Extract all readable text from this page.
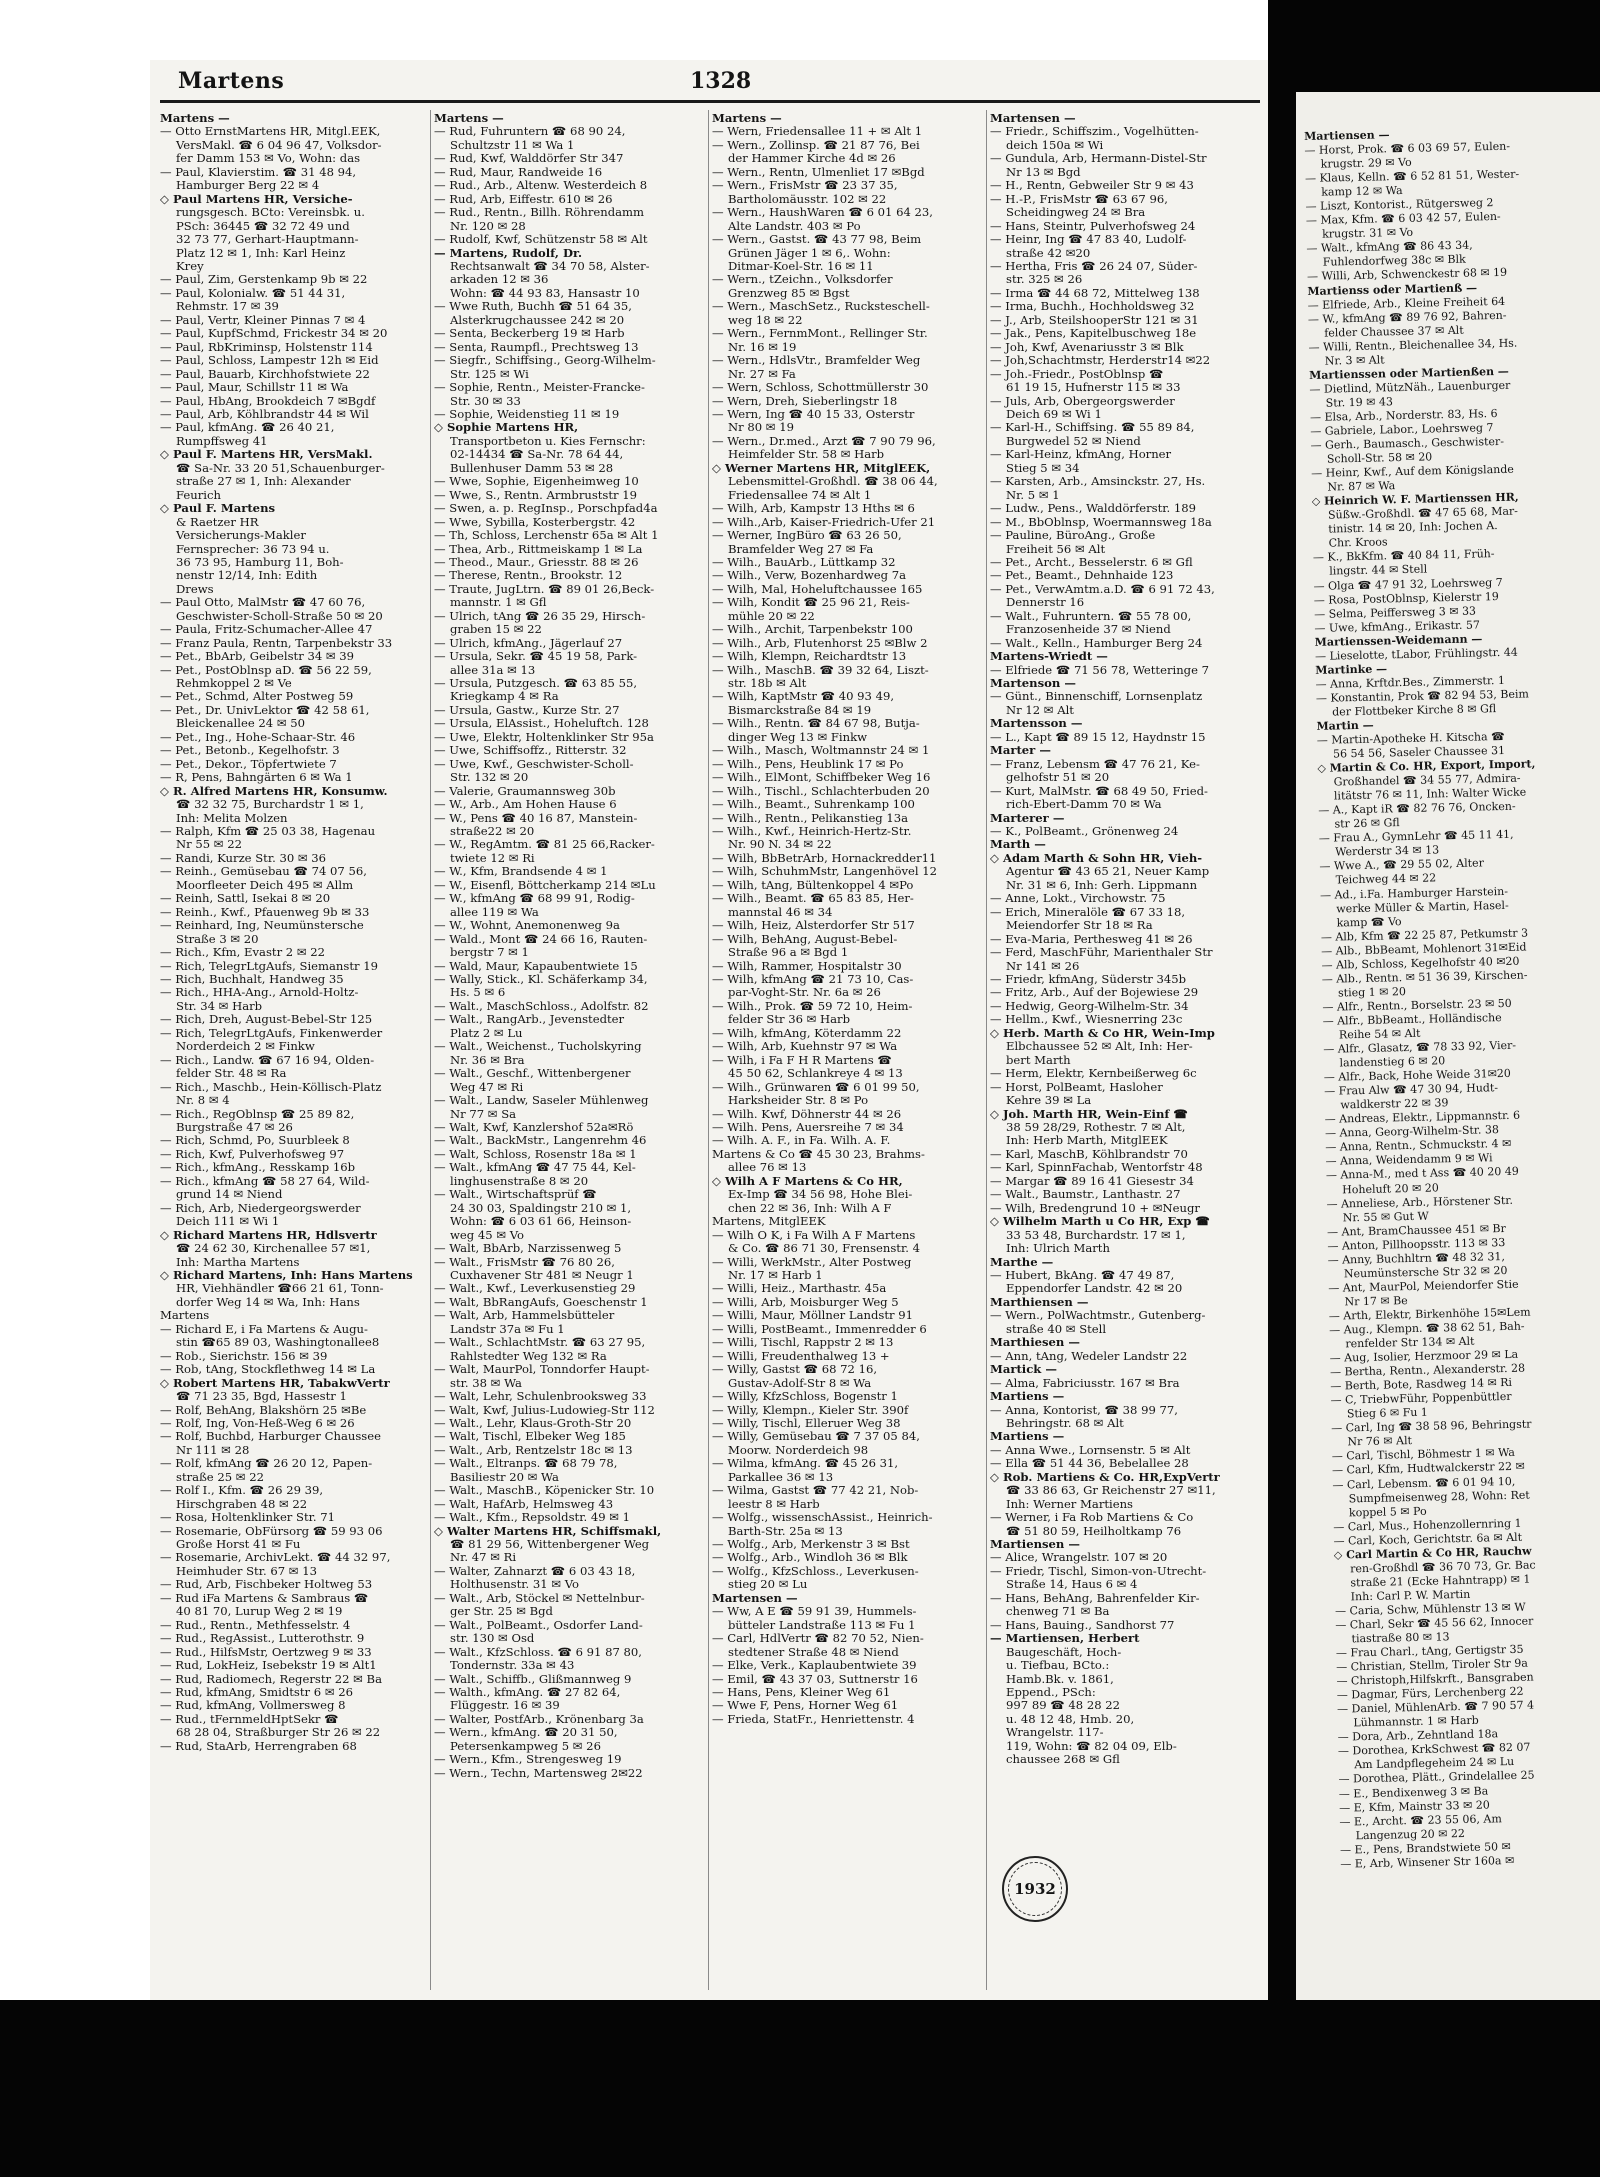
Martens	1328
Martens —
— Otto ErnstMartens HR, Mitgl.EEK,
VersMakl. ☎ 6 04 96 47, Volksdor-
fer Damm 153 ✉ Vo, Wohn: das
— Paul, Klavierstim. ☎ 31 48 94,
Hamburger Berg 22 ✉ 4
◇ Paul Martens HR, Versiche-
rungsgesch. BCto: Vereinsbk. u.
PSch: 36445 ☎ 32 72 49 und
32 73 77, Gerhart-Hauptmann-
Platz 12 ✉ 1, Inh: Karl Heinz
Krey
— Paul, Zim, Gerstenkamp 9b ✉ 22
— Paul, Kolonialw. ☎ 51 44 31,
Rehmstr. 17 ✉ 39
— Paul, Vertr, Kleiner Pinnas 7 ✉ 4
— Paul, KupfSchmd, Frickestr 34 ✉ 20
— Paul, RbKriminsp, Holstenstr 114
— Paul, Schloss, Lampestr 12h ✉ Eid
— Paul, Bauarb, Kirchhofstwiete 22
— Paul, Maur, Schillstr 11 ✉ Wa
— Paul, HbAng, Brookdeich 7 ✉Bgdf
— Paul, Arb, Köhlbrandstr 44 ✉ Wil
— Paul, kfmAng. ☎ 26 40 21,
Rumpffsweg 41
◇ Paul F. Martens HR, VersMakl.
☎ Sa-Nr. 33 20 51,Schauenburger-
straße 27 ✉ 1, Inh: Alexander
Feurich
◇ Paul F. Martens
& Raetzer HR
Versicherungs-Makler
Fernsprecher: 36 73 94 u.
36 73 95, Hamburg 11, Boh-
nenstr 12/14, Inh: Edith
Drews
— Paul Otto, MalMstr ☎ 47 60 76,
Geschwister-Scholl-Straße 50 ✉ 20
— Paula, Fritz-Schumacher-Allee 47
— Franz Paula, Rentn, Tarpenbekstr 33
— Pet., BbArb, Geibelstr 34 ✉ 39
— Pet., PostOblnsp aD. ☎ 56 22 59,
Rehmkoppel 2 ✉ Ve
— Pet., Schmd, Alter Postweg 59
— Pet., Dr. UnivLektor ☎ 42 58 61,
Bleickenallee 24 ✉ 50
— Pet., Ing., Hohe-Schaar-Str. 46
— Pet., Betonb., Kegelhofstr. 3
— Pet., Dekor., Töpfertwiete 7
— R, Pens, Bahngärten 6 ✉ Wa 1
◇ R. Alfred Martens HR, Konsumw.
☎ 32 32 75, Burchardstr 1 ✉ 1,
Inh: Melita Molzen
— Ralph, Kfm ☎ 25 03 38, Hagenau
Nr 55 ✉ 22
— Randi, Kurze Str. 30 ✉ 36
— Reinh., Gemüsebau ☎ 74 07 56,
Moorfleeter Deich 495 ✉ Allm
— Reinh, Sattl, Isekai 8 ✉ 20
— Reinh., Kwf., Pfauenweg 9b ✉ 33
— Reinhard, Ing, Neumünstersche
Straße 3 ✉ 20
— Rich., Kfm, Evastr 2 ✉ 22
— Rich, TelegrLtgAufs, Siemanstr 19
— Rich, Buchhalt, Handweg 35
— Rich., HHA-Ang., Arnold-Holtz-
Str. 34 ✉ Harb
— Rich, Dreh, August-Bebel-Str 125
— Rich, TelegrLtgAufs, Finkenwerder
Norderdeich 2 ✉ Finkw
— Rich., Landw. ☎ 67 16 94, Olden-
felder Str. 48 ✉ Ra
— Rich., Maschb., Hein-Köllisch-Platz
Nr. 8 ✉ 4
— Rich., RegOblnsp ☎ 25 89 82,
Burgstraße 47 ✉ 26
— Rich, Schmd, Po, Suurbleek 8
— Rich, Kwf, Pulverhofsweg 97
— Rich., kfmAng., Resskamp 16b
— Rich., kfmAng ☎ 58 27 64, Wild-
grund 14 ✉ Niend
— Rich, Arb, Niedergeorgswerder
Deich 111 ✉ Wi 1
◇ Richard Martens HR, Hdlsvertr
☎ 24 62 30, Kirchenallee 57 ✉1,
Inh: Martha Martens
◇ Richard Martens, Inh: Hans Martens
HR, Viehhändler ☎66 21 61, Tonn-
dorfer Weg 14 ✉ Wa, Inh: Hans
Martens
— Richard E, i Fa Martens & Augu-
stin ☎65 89 03, Washingtonallee8
— Rob., Sierichstr. 156 ✉ 39
— Rob, tAng, Stockflethweg 14 ✉ La
◇ Robert Martens HR, TabakwVertr
☎ 71 23 35, Bgd, Hassestr 1
— Rolf, BehAng, Blakshörn 25 ✉Be
— Rolf, Ing, Von-Heß-Weg 6 ✉ 26
— Rolf, Buchbd, Harburger Chaussee
Nr 111 ✉ 28
— Rolf, kfmAng ☎ 26 20 12, Papen-
straße 25 ✉ 22
— Rolf I., Kfm. ☎ 26 29 39,
Hirschgraben 48 ✉ 22
— Rosa, Holtenklinker Str. 71
— Rosemarie, ObFürsorg ☎ 59 93 06
Große Horst 41 ✉ Fu
— Rosemarie, ArchivLekt. ☎ 44 32 97,
Heimhuder Str. 67 ✉ 13
— Rud, Arb, Fischbeker Holtweg 53
— Rud iFa Martens & Sambraus ☎
40 81 70, Lurup Weg 2 ✉ 19
— Rud., Rentn., Methfesselstr. 4
— Rud., RegAssist., Lutterothstr. 9
— Rud., HilfsMstr, Oertzweg 9 ✉ 33
— Rud, LokHeiz, Isebekstr 19 ✉ Alt1
— Rud, Radiomech, Regerstr 22 ✉ Ba
— Rud, kfmAng, Smidtstr 6 ✉ 26
— Rud, kfmAng, Vollmersweg 8
— Rud., tFernmeldHptSekr ☎
68 28 04, Straßburger Str 26 ✉ 22
— Rud, StaArb, Herrengraben 68
Martens —
— Rud, Fuhruntern ☎ 68 90 24,
Schultzstr 11 ✉ Wa 1
— Rud, Kwf, Walddörfer Str 347
— Rud, Maur, Randweide 16
— Rud., Arb., Altenw. Westerdeich 8
— Rud, Arb, Eiffestr. 610 ✉ 26
— Rud., Rentn., Billh. Röhrendamm
Nr. 120 ✉ 28
— Rudolf, Kwf, Schützenstr 58 ✉ Alt
— Martens, Rudolf, Dr.
Rechtsanwalt ☎ 34 70 58, Alster-
arkaden 12 ✉ 36
Wohn: ☎ 44 93 83, Hansastr 10
— Wwe Ruth, Buchh ☎ 51 64 35,
Alsterkrugchaussee 242 ✉ 20
— Senta, Beckerberg 19 ✉ Harb
— Senta, Raumpfl., Prechtsweg 13
— Siegfr., Schiffsing., Georg-Wilhelm-
Str. 125 ✉ Wi
— Sophie, Rentn., Meister-Francke-
Str. 30 ✉ 33
— Sophie, Weidenstieg 11 ✉ 19
◇ Sophie Martens HR,
Transportbeton u. Kies Fernschr:
02-14434 ☎ Sa-Nr. 78 64 44,
Bullenhuser Damm 53 ✉ 28
— Wwe, Sophie, Eigenheimweg 10
— Wwe, S., Rentn. Armbruststr 19
— Swen, a. p. RegInsp., Porschpfad4a
— Wwe, Sybilla, Kosterbergstr. 42
— Th, Schloss, Lerchenstr 65a ✉ Alt 1
— Thea, Arb., Rittmeiskamp 1 ✉ La
— Theod., Maur., Griesstr. 88 ✉ 26
— Therese, Rentn., Brookstr. 12
— Traute, JugLtrn. ☎ 89 01 26,Beck-
mannstr. 1 ✉ Gfl
— Ulrich, tAng ☎ 26 35 29, Hirsch-
graben 15 ✉ 22
— Ulrich, kfmAng., Jägerlauf 27
— Ursula, Sekr. ☎ 45 19 58, Park-
allee 31a ✉ 13
— Ursula, Putzgesch. ☎ 63 85 55,
Kriegkamp 4 ✉ Ra
— Ursula, Gastw., Kurze Str. 27
— Ursula, ElAssist., Hoheluftch. 128
— Uwe, Elektr, Holtenklinker Str 95a
— Uwe, Schiffsoffz., Ritterstr. 32
— Uwe, Kwf., Geschwister-Scholl-
Str. 132 ✉ 20
— Valerie, Graumannsweg 30b
— W., Arb., Am Hohen Hause 6
— W., Pens ☎ 40 16 87, Manstein-
straße22 ✉ 20
— W., RegAmtm. ☎ 81 25 66,Racker-
twiete 12 ✉ Ri
— W., Kfm, Brandsende 4 ✉ 1
— W., Eisenfl, Böttcherkamp 214 ✉Lu
— W., kfmAng ☎ 68 99 91, Rodig-
allee 119 ✉ Wa
— W., Wohnt, Anemonenweg 9a
— Wald., Mont ☎ 24 66 16, Rauten-
bergstr 7 ✉ 1
— Wald, Maur, Kapaubentwiete 15
— Wally, Stick., Kl. Schäferkamp 34,
Hs. 5 ✉ 6
— Walt., MaschSchloss., Adolfstr. 82
— Walt., RangArb., Jevenstedter
Platz 2 ✉ Lu
— Walt., Weichenst., Tucholskyring
Nr. 36 ✉ Bra
— Walt., Geschf., Wittenbergener
Weg 47 ✉ Ri
— Walt., Landw, Saseler Mühlenweg
Nr 77 ✉ Sa
— Walt, Kwf, Kanzlershof 52a✉Rö
— Walt., BackMstr., Langenrehm 46
— Walt, Schloss, Rosenstr 18a ✉ 1
— Walt., kfmAng ☎ 47 75 44, Kel-
linghusenstraße 8 ✉ 20
— Walt., Wirtschaftsprüf ☎
24 30 03, Spaldingstr 210 ✉ 1,
Wohn: ☎ 6 03 61 66, Heinson-
weg 45 ✉ Vo
— Walt, BbArb, Narzissenweg 5
— Walt., FrisMstr ☎ 76 80 26,
Cuxhavener Str 481 ✉ Neugr 1
— Walt., Kwf., Leverkusenstieg 29
— Walt, BbRangAufs, Goeschenstr 1
— Walt, Arb, Hammelsbütteler
Landstr 37a ✉ Fu 1
— Walt., SchlachtMstr. ☎ 63 27 95,
Rahlstedter Weg 132 ✉ Ra
— Walt, MaurPol, Tonndorfer Haupt-
str. 38 ✉ Wa
— Walt, Lehr, Schulenbrooksweg 33
— Walt, Kwf, Julius-Ludowieg-Str 112
— Walt., Lehr, Klaus-Groth-Str 20
— Walt, Tischl, Elbeker Weg 185
— Walt., Arb, Rentzelstr 18c ✉ 13
— Walt., Eltranps. ☎ 68 79 78,
Basiliestr 20 ✉ Wa
— Walt., MaschB., Köpenicker Str. 10
— Walt, HafArb, Helmsweg 43
— Walt., Kfm., Repsoldstr. 49 ✉ 1
◇ Walter Martens HR, Schiffsmakl,
☎ 81 29 56, Wittenbergener Weg
Nr. 47 ✉ Ri
— Walter, Zahnarzt ☎ 6 03 43 18,
Holthusenstr. 31 ✉ Vo
— Walt., Arb, Stöckel ✉ Nettelnbur-
ger Str. 25 ✉ Bgd
— Walt., PolBeamt., Osdorfer Land-
str. 130 ✉ Osd
— Walt., KfzSchloss. ☎ 6 91 87 80,
Tondernstr. 33a ✉ 43
— Walt., Schiffb., Glißmannweg 9
— Walth., kfmAng. ☎ 27 82 64,
Flüggestr. 16 ✉ 39
— Walter, PostfArb., Krönenbarg 3a
— Wern., kfmAng. ☎ 20 31 50,
Petersenkampweg 5 ✉ 26
— Wern., Kfm., Strengesweg 19
— Wern., Techn, Martensweg 2✉22
Martens —
— Wern, Friedensallee 11 + ✉ Alt 1
— Wern., Zollinsp. ☎ 21 87 76, Bei
der Hammer Kirche 4d ✉ 26
— Wern., Rentn, Ulmenliet 17 ✉Bgd
— Wern., FrisMstr ☎ 23 37 35,
Bartholomäusstr. 102 ✉ 22
— Wern., HaushWaren ☎ 6 01 64 23,
Alte Landstr. 403 ✉ Po
— Wern., Gastst. ☎ 43 77 98, Beim
Grünen Jäger 1 ✉ 6,. Wohn:
Ditmar-Koel-Str. 16 ✉ 11
— Wern., tZeichn., Volksdorfer
Grenzweg 85 ✉ Bgst
— Wern., MaschSetz., Rucksteschell-
weg 18 ✉ 22
— Wern., FernmMont., Rellinger Str.
Nr. 16 ✉ 19
— Wern., HdlsVtr., Bramfelder Weg
Nr. 27 ✉ Fa
— Wern, Schloss, Schottmüllerstr 30
— Wern, Dreh, Sieberlingstr 18
— Wern, Ing ☎ 40 15 33, Osterstr
Nr 80 ✉ 19
— Wern., Dr.med., Arzt ☎ 7 90 79 96,
Heimfelder Str. 58 ✉ Harb
◇ Werner Martens HR, MitglEEK,
Lebensmittel-Großhdl. ☎ 38 06 44,
Friedensallee 74 ✉ Alt 1
— Wilh, Arb, Kampstr 13 Hths ✉ 6
— Wilh.,Arb, Kaiser-Friedrich-Ufer 21
— Werner, IngBüro ☎ 63 26 50,
Bramfelder Weg 27 ✉ Fa
— Wilh., BauArb., Lüttkamp 32
— Wilh., Verw, Bozenhardweg 7a
— Wilh, Mal, Hoheluftchaussee 165
— Wilh, Kondit ☎ 25 96 21, Reis-
mühle 20 ✉ 22
— Wilh., Archit, Tarpenbekstr 100
— Wilh., Arb, Flutenhorst 25 ✉Blw 2
— Wilh, Klempn, Reichardtstr 13
— Wilh., MaschB. ☎ 39 32 64, Liszt-
str. 18b ✉ Alt
— Wilh, KaptMstr ☎ 40 93 49,
Bismarckstraße 84 ✉ 19
— Wilh., Rentn. ☎ 84 67 98, Butja-
dinger Weg 13 ✉ Finkw
— Wilh., Masch, Woltmannstr 24 ✉ 1
— Wilh., Pens, Heublink 17 ✉ Po
— Wilh., ElMont, Schiffbeker Weg 16
— Wilh., Tischl., Schlachterbuden 20
— Wilh., Beamt., Suhrenkamp 100
— Wilh., Rentn., Pelikanstieg 13a
— Wilh., Kwf., Heinrich-Hertz-Str.
Nr. 90 N. 34 ✉ 22
— Wilh, BbBetrArb, Hornackredder11
— Wilh, SchuhmMstr, Langenhövel 12
— Wilh, tAng, Bültenkoppel 4 ✉Po
— Wilh., Beamt. ☎ 65 83 85, Her-
mannstal 46 ✉ 34
— Wilh, Heiz, Alsterdorfer Str 517
— Wilh, BehAng, August-Bebel-
Straße 96 a ✉ Bgd 1
— Wilh, Rammer, Hospitalstr 30
— Wilh, kfmAng ☎ 21 73 10, Cas-
par-Voght-Str. Nr. 6a ✉ 26
— Wilh., Prok. ☎ 59 72 10, Heim-
felder Str 36 ✉ Harb
— Wilh, kfmAng, Köterdamm 22
— Wilh, Arb, Kuehnstr 97 ✉ Wa
— Wilh, i Fa F H R Martens ☎
45 50 62, Schlankreye 4 ✉ 13
— Wilh., Grünwaren ☎ 6 01 99 50,
Harksheider Str. 8 ✉ Po
— Wilh. Kwf, Döhnerstr 44 ✉ 26
— Wilh. Pens, Auersreihe 7 ✉ 34
— Wilh. A. F., in Fa. Wilh. A. F.
Martens & Co ☎ 45 30 23, Brahms-
allee 76 ✉ 13
◇ Wilh A F Martens & Co HR,
Ex-Imp ☎ 34 56 98, Hohe Blei-
chen 22 ✉ 36, Inh: Wilh A F
Martens, MitglEEK
— Wilh O K, i Fa Wilh A F Martens
& Co. ☎ 86 71 30, Frensenstr. 4
— Willi, WerkMstr., Alter Postweg
Nr. 17 ✉ Harb 1
— Willi, Heiz., Marthastr. 45a
— Willi, Arb, Moisburger Weg 5
— Willi, Maur, Möllner Landstr 91
— Willi, PostBeamt., Immenredder 6
— Willi, Tischl, Rappstr 2 ✉ 13
— Willi, Freudenthalweg 13 +
— Willy, Gastst ☎ 68 72 16,
Gustav-Adolf-Str 8 ✉ Wa
— Willy, KfzSchloss, Bogenstr 1
— Willy, Klempn., Kieler Str. 390f
— Willy, Tischl, Elleruer Weg 38
— Willy, Gemüsebau ☎ 7 37 05 84,
Moorw. Norderdeich 98
— Wilma, kfmAng. ☎ 45 26 31,
Parkallee 36 ✉ 13
— Wilma, Gastst ☎ 77 42 21, Nob-
leestr 8 ✉ Harb
— Wolfg., wissenschAssist., Heinrich-
Barth-Str. 25a ✉ 13
— Wolfg., Arb, Merkenstr 3 ✉ Bst
— Wolfg., Arb., Windloh 36 ✉ Blk
— Wolfg., KfzSchloss., Leverkusen-
stieg 20 ✉ Lu
Martensen —
— Ww, A E ☎ 59 91 39, Hummels-
bütteler Landstraße 113 ✉ Fu 1
— Carl, HdlVertr ☎ 82 70 52, Nien-
stedtener Straße 48 ✉ Niend
— Elke, Verk., Kaplaubentwiete 39
— Emil, ☎ 43 37 03, Suttnerstr 16
— Hans, Pens, Kleiner Weg 61
— Wwe F, Pens, Horner Weg 61
— Frieda, StatFr., Henriettenstr. 4
Martensen —
— Friedr., Schiffszim., Vogelhütten-
deich 150a ✉ Wi
— Gundula, Arb, Hermann-Distel-Str
Nr 13 ✉ Bgd
— H., Rentn, Gebweiler Str 9 ✉ 43
— H.-P., FrisMstr ☎ 63 67 96,
Scheidingweg 24 ✉ Bra
— Hans, Steintr, Pulverhofsweg 24
— Heinr, Ing ☎ 47 83 40, Ludolf-
straße 42 ✉20
— Hertha, Fris ☎ 26 24 07, Süder-
str. 325 ✉ 26
— Irma ☎ 44 68 72, Mittelweg 138
— Irma, Buchh., Hochholdsweg 32
— J., Arb, SteilshooperStr 121 ✉ 31
— Jak., Pens, Kapitelbuschweg 18e
— Joh, Kwf, Avenariusstr 3 ✉ Blk
— Joh,Schachtmstr, Herderstr14 ✉22
— Joh.-Friedr., PostOblnsp ☎
61 19 15, Hufnerstr 115 ✉ 33
— Juls, Arb, Obergeorgswerder
Deich 69 ✉ Wi 1
— Karl-H., Schiffsing. ☎ 55 89 84,
Burgwedel 52 ✉ Niend
— Karl-Heinz, kfmAng, Horner
Stieg 5 ✉ 34
— Karsten, Arb., Amsinckstr. 27, Hs.
Nr. 5 ✉ 1
— Ludw., Pens., Walddörferstr. 189
— M., BbOblnsp, Woermannsweg 18a
— Pauline, BüroAng., Große
Freiheit 56 ✉ Alt
— Pet., Archt., Besselerstr. 6 ✉ Gfl
— Pet., Beamt., Dehnhaide 123
— Pet., VerwAmtm.a.D. ☎ 6 91 72 43,
Dennerstr 16
— Walt., Fuhruntern. ☎ 55 78 00,
Franzosenheide 37 ✉ Niend
— Walt., Kelln., Hamburger Berg 24
Martens-Wriedt —
— Elfriede ☎ 71 56 78, Wetteringe 7
Martenson —
— Günt., Binnenschiff, Lornsenplatz
Nr 12 ✉ Alt
Martensson —
— L., Kapt ☎ 89 15 12, Haydnstr 15
Marter —
— Franz, Lebensm ☎ 47 76 21, Ke-
gelhofstr 51 ✉ 20
— Kurt, MalMstr. ☎ 68 49 50, Fried-
rich-Ebert-Damm 70 ✉ Wa
Marterer —
— K., PolBeamt., Grönenweg 24
Marth —
◇ Adam Marth & Sohn HR, Vieh-
Agentur ☎ 43 65 21, Neuer Kamp
Nr. 31 ✉ 6, Inh: Gerh. Lippmann
— Anne, Lokt., Virchowstr. 75
— Erich, Mineralöle ☎ 67 33 18,
Meiendorfer Str 18 ✉ Ra
— Eva-Maria, Perthesweg 41 ✉ 26
— Ferd, MaschFühr, Marienthaler Str
Nr 141 ✉ 26
— Friedr, kfmAng, Süderstr 345b
— Fritz, Arb., Auf der Bojewiese 29
— Hedwig, Georg-Wilhelm-Str. 34
— Hellm., Kwf., Wiesnerring 23c
◇ Herb. Marth & Co HR, Wein-Imp
Elbchaussee 52 ✉ Alt, Inh: Her-
bert Marth
— Herm, Elektr, Kernbeißerweg 6c
— Horst, PolBeamt, Hasloher
Kehre 39 ✉ La
◇ Joh. Marth HR, Wein-Einf ☎
38 59 28/29, Rothestr. 7 ✉ Alt,
Inh: Herb Marth, MitglEEK
— Karl, MaschB, Köhlbrandstr 70
— Karl, SpinnFachab, Wentorfstr 48
— Margar ☎ 89 16 41 Giesestr 34
— Walt., Baumstr., Lanthastr. 27
— Wilh, Bredengrund 10 + ✉Neugr
◇ Wilhelm Marth u Co HR, Exp ☎
33 53 48, Burchardstr. 17 ✉ 1,
Inh: Ulrich Marth
Marthe —
— Hubert, BkAng. ☎ 47 49 87,
Eppendorfer Landstr. 42 ✉ 20
Marthiensen —
— Wern., PolWachtmstr., Gutenberg-
straße 40 ✉ Stell
Marthiesen —
— Ann, tAng, Wedeler Landstr 22
Martick —
— Alma, Fabriciusstr. 167 ✉ Bra
Martiens —
— Anna, Kontorist, ☎ 38 99 77,
Behringstr. 68 ✉ Alt
Martiens —
— Anna Wwe., Lornsenstr. 5 ✉ Alt
— Ella ☎ 51 44 36, Bebelallee 28
◇ Rob. Martiens & Co. HR,ExpVertr
☎ 33 86 63, Gr Reichenstr 27 ✉11,
Inh: Werner Martiens
— Werner, i Fa Rob Martiens & Co
☎ 51 80 59, Heilholtkamp 76
Martiensen —
— Alice, Wrangelstr. 107 ✉ 20
— Friedr, Tischl, Simon-von-Utrecht-
Straße 14, Haus 6 ✉ 4
— Hans, BehAng, Bahrenfelder Kir-
chenweg 71 ✉ Ba
— Hans, Bauing., Sandhorst 77
— Martiensen, Herbert
Baugeschäft, Hoch-
u. Tiefbau, BCto.:
Hamb.Bk. v. 1861,
Eppend., PSch:
997 89 ☎ 48 28 22
u. 48 12 48, Hmb. 20,
Wrangelstr. 117-
119, Wohn: ☎ 82 04 09, Elb-
chaussee 268 ✉ Gfl
1932
Martiensen —
— Horst, Prok. ☎ 6 03 69 57, Eulen-
krugstr. 29 ✉ Vo
— Klaus, Kelln. ☎ 6 52 81 51, Wester-
kamp 12 ✉ Wa
— Liszt, Kontorist., Rütgersweg 2
— Max, Kfm. ☎ 6 03 42 57, Eulen-
krugstr. 31 ✉ Vo
— Walt., kfmAng ☎ 86 43 34,
Fuhlendorfweg 38c ✉ Blk
— Willi, Arb, Schwenckestr 68 ✉ 19
Martienss oder Martienß —
— Elfriede, Arb., Kleine Freiheit 64
— W., kfmAng ☎ 89 76 92, Bahren-
felder Chaussee 37 ✉ Alt
— Willi, Rentn., Bleichenallee 34, Hs.
Nr. 3 ✉ Alt
Martienssen oder Martienßen —
— Dietlind, MützNäh., Lauenburger
Str. 19 ✉ 43
— Elsa, Arb., Norderstr. 83, Hs. 6
— Gabriele, Labor., Loehrsweg 7
— Gerh., Baumasch., Geschwister-
Scholl-Str. 58 ✉ 20
— Heinr, Kwf., Auf dem Königslande
Nr. 87 ✉ Wa
◇ Heinrich W. F. Martienssen HR,
Süßw.-Großhdl. ☎ 47 65 68, Mar-
tinistr. 14 ✉ 20, Inh: Jochen A.
Chr. Kroos
— K., BkKfm. ☎ 40 84 11, Früh-
lingstr. 44 ✉ Stell
— Olga ☎ 47 91 32, Loehrsweg 7
— Rosa, PostOblnsp, Kielerstr 19
— Selma, Peiffersweg 3 ✉ 33
— Uwe, kfmAng., Erikastr. 57
Martienssen-Weidemann —
— Lieselotte, tLabor, Frühlingstr. 44
Martinke —
— Anna, Krftdr.Bes., Zimmerstr. 1
— Konstantin, Prok ☎ 82 94 53, Beim
der Flottbeker Kirche 8 ✉ Gfl
Martin —
— Martin-Apotheke H. Kitscha ☎
56 54 56, Saseler Chaussee 31
◇ Martin & Co. HR, Export, Import,
Großhandel ☎ 34 55 77, Admira-
litätstr 76 ✉ 11, Inh: Walter Wicke
— A., Kapt iR ☎ 82 76 76, Oncken-
str 26 ✉ Gfl
— Frau A., GymnLehr ☎ 45 11 41,
Werderstr 34 ✉ 13
— Wwe A., ☎ 29 55 02, Alter
Teichweg 44 ✉ 22
— Ad., i.Fa. Hamburger Harstein-
werke Müller & Martin, Hasel-
kamp ☎ Vo
— Alb, Kfm ☎ 22 25 87, Petkumstr 3
— Alb., BbBeamt, Mohlenort 31✉Eid
— Alb, Schloss, Kegelhofstr 40 ✉20
— Alb., Rentn. ✉ 51 36 39, Kirschen-
stieg 1 ✉ 20
— Alfr., Rentn., Borselstr. 23 ✉ 50
— Alfr., BbBeamt., Holländische
Reihe 54 ✉ Alt
— Alfr., Glasatz, ☎ 78 33 92, Vier-
landenstieg 6 ✉ 20
— Alfr., Back, Hohe Weide 31✉20
— Frau Alw ☎ 47 30 94, Hudt-
waldkerstr 22 ✉ 39
— Andreas, Elektr., Lippmannstr. 6
— Anna, Georg-Wilhelm-Str. 38
— Anna, Rentn., Schmuckstr. 4 ✉
— Anna, Weidendamm 9 ✉ Wi
— Anna-M., med t Ass ☎ 40 20 49
Hoheluft 20 ✉ 20
— Anneliese, Arb., Hörstener Str.
Nr. 55 ✉ Gut W
— Ant, BramChaussee 451 ✉ Br
— Anton, Pillhoopsstr. 113 ✉ 33
— Anny, Buchhltrn ☎ 48 32 31,
Neumünstersche Str 32 ✉ 20
— Ant, MaurPol, Meiendorfer Stie
Nr 17 ✉ Be
— Arth, Elektr, Birkenhöhe 15✉Lem
— Aug., Klempn. ☎ 38 62 51, Bah-
renfelder Str 134 ✉ Alt
— Aug, Isolier, Herzmoor 29 ✉ La
— Bertha, Rentn., Alexanderstr. 28
— Berth, Bote, Rasdweg 14 ✉ Ri
— C, TriebwFühr, Poppenbüttler
Stieg 6 ✉ Fu 1
— Carl, Ing ☎ 38 58 96, Behringstr
Nr 76 ✉ Alt
— Carl, Tischl, Böhmestr 1 ✉ Wa
— Carl, Kfm, Hudtwalckerstr 22 ✉
— Carl, Lebensm. ☎ 6 01 94 10,
Sumpfmeisenweg 28, Wohn: Ret
koppel 5 ✉ Po
— Carl, Mus., Hohenzollernring 1
— Carl, Koch, Gerichtstr. 6a ✉ Alt
◇ Carl Martin & Co HR, Rauchw
ren-Großhdl ☎ 36 70 73, Gr. Bac
straße 21 (Ecke Hahntrapp) ✉ 1
Inh: Carl P. W. Martin
— Caria, Schw, Mühlenstr 13 ✉ W
— Charl, Sekr ☎ 45 56 62, Innocer
tiastraße 80 ✉ 13
— Frau Charl., tAng, Gertigstr 35
— Christian, Stellm, Tiroler Str 9a
— Christoph,Hilfskrft., Bansgraben
— Dagmar, Fürs, Lerchenberg 22
— Daniel, MühlenArb. ☎ 7 90 57 4
Lühmannstr. 1 ✉ Harb
— Dora, Arb., Zehntland 18a
— Dorothea, KrkSchwest ☎ 82 07
Am Landpflegeheim 24 ✉ Lu
— Dorothea, Plätt., Grindelallee 25
— E., Bendixenweg 3 ✉ Ba
— E, Kfm, Mainstr 33 ✉ 20
— E., Archt. ☎ 23 55 06, Am
Langenzug 20 ✉ 22
— E., Pens, Brandstwiete 50 ✉
— E, Arb, Winsener Str 160a ✉
